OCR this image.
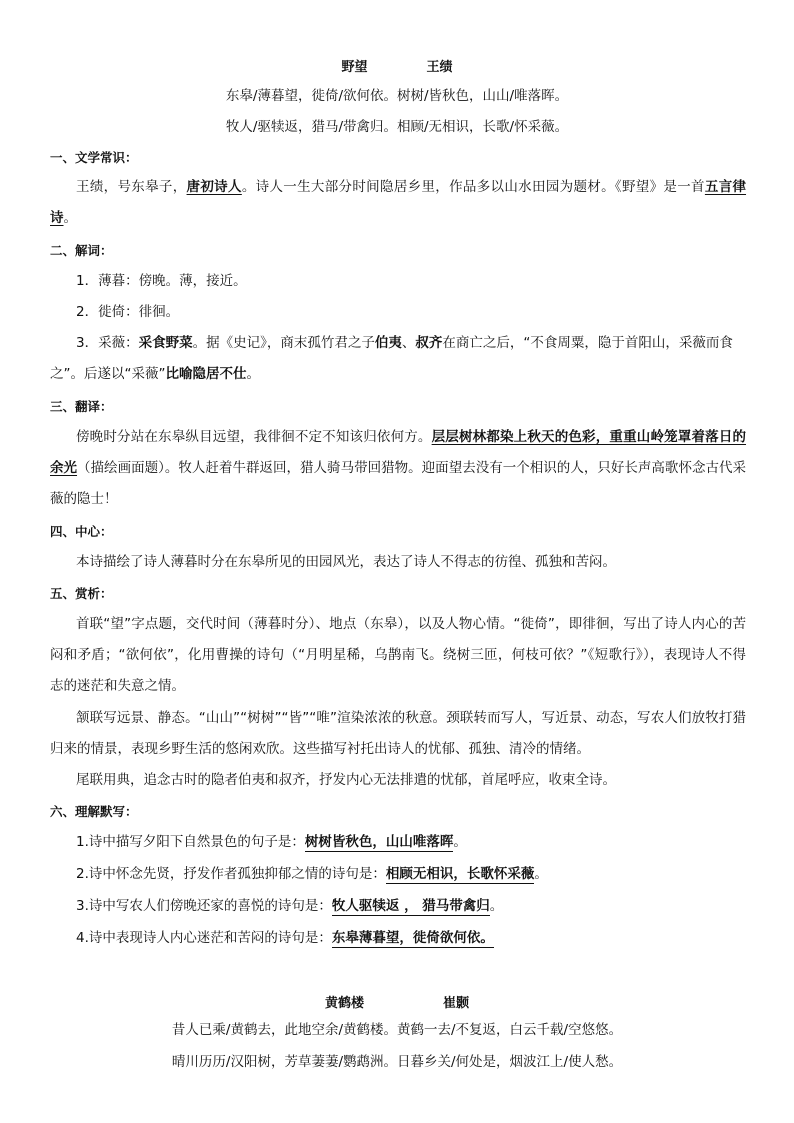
野望	王绩
东皋/薄暮望，徙倚/欲何依。树树/皆秋色，山山/唯落晖。
牧人/驱犊返，猎马/带禽归。相顾/无相识，长歌/怀采薇。
一、文学常识：

王绩，号东皋子，唐初诗人。诗人一生大部分时间隐居乡里，作品多以山水田园为题材。《野望》是一首五言律诗。

二、解词：

1．薄暮：傍晚。薄，接近。

2．徙倚：徘徊。

3．采薇：采食野菜。据《史记》，商末孤竹君之子伯夷、叔齐在商亡之后，“不食周粟，隐于首阳山，采薇而食之”。后遂以“采薇”比喻隐居不仕。

三、翻译：

傍晚时分站在东皋纵目远望，我徘徊不定不知该归依何方。层层树林都染上秋天的色彩，重重山岭笼罩着落日的余光（描绘画面题）。牧人赶着牛群返回，猎人骑马带回猎物。迎面望去没有一个相识的人，只好长声高歌怀念古代采薇的隐士！

四、中心：

本诗描绘了诗人薄暮时分在东皋所见的田园风光，表达了诗人不得志的彷徨、孤独和苦闷。

五、赏析：

首联“望”字点题，交代时间（薄暮时分）、地点（东皋），以及人物心情。“徙倚”，即徘徊，写出了诗人内心的苦闷和矛盾；“欲何依”，化用曹操的诗句（“月明星稀，乌鹊南飞。绕树三匝，何枝可依？”《短歌行》），表现诗人不得志的迷茫和失意之情。

颔联写远景、静态。“山山”“树树”“皆”“唯”渲染浓浓的秋意。颈联转而写人，写近景、动态，写农人们放牧打猎归来的情景，表现乡野生活的悠闲欢欣。这些描写衬托出诗人的忧郁、孤独、清冷的情绪。

尾联用典，追念古时的隐者伯夷和叔齐，抒发内心无法排遣的忧郁，首尾呼应，收束全诗。

六、理解默写：

1.诗中描写夕阳下自然景色的句子是：树树皆秋色，山山唯落晖。

2.诗中怀念先贤，抒发作者孤独抑郁之情的诗句是：相顾无相识，长歌怀采薇。

3.诗中写农人们傍晚还家的喜悦的诗句是：牧人驱犊返 ， 猎马带禽归。

4.诗中表现诗人内心迷茫和苦闷的诗句是：东皋薄暮望，徙倚欲何依。

黄鹤楼	崔颢
昔人已乘/黄鹤去，此地空余/黄鹤楼。黄鹤一去/不复返，白云千载/空悠悠。
晴川历历/汉阳树，芳草萋萋/鹦鹉洲。日暮乡关/何处是，烟波江上/使人愁。
